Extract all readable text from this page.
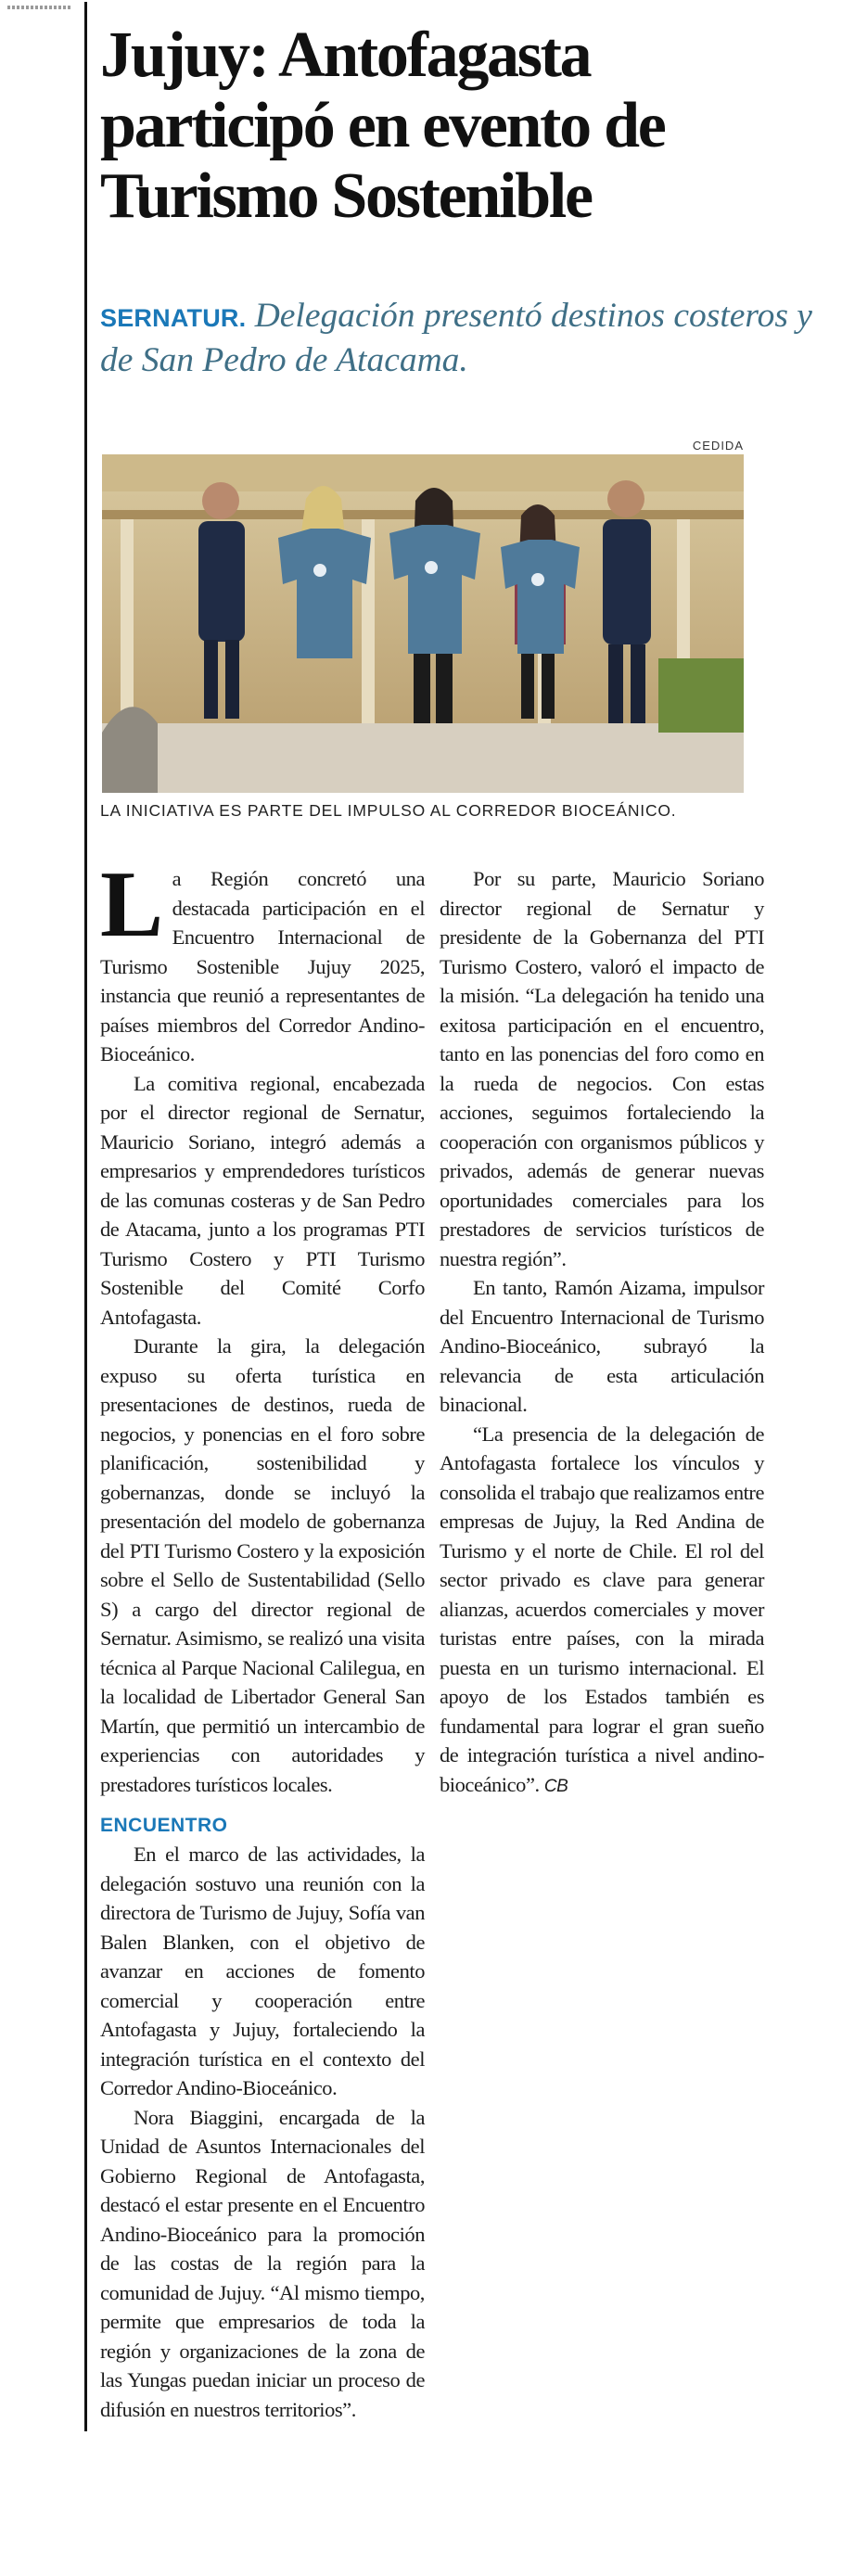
Jujuy: Antofagasta participó en evento de Turismo Sostenible
SERNATUR. Delegación presentó destinos costeros y de San Pedro de Atacama.
CEDIDA
LA INICIATIVA ES PARTE DEL IMPULSO AL CORREDOR BIOCEÁNICO.

La Región concretó una destacada participación en el Encuentro Internacional de Turismo Sostenible Jujuy 2025, instancia que reunió a representantes de países miembros del Corredor Andino-Bioceánico.

La comitiva regional, encabezada por el director regional de Sernatur, Mauricio Soriano, integró además a empresarios y emprendedores turísticos de las comunas costeras y de San Pedro de Atacama, junto a los programas PTI Turismo Costero y PTI Turismo Sostenible del Comité Corfo Antofagasta.

Durante la gira, la delegación expuso su oferta turística en presentaciones de destinos, rueda de negocios, y ponencias en el foro sobre planificación, sostenibilidad y gobernanzas, donde se incluyó la presentación del modelo de gobernanza del PTI Turismo Costero y la exposición sobre el Sello de Sustentabilidad (Sello S) a cargo del director regional de Sernatur. Asimismo, se realizó una visita técnica al Parque Nacional Calilegua, en la localidad de Libertador General San Martín, que permitió un intercambio de experiencias con autoridades y prestadores turísticos locales.

ENCUENTRO

En el marco de las actividades, la delegación sostuvo una reunión con la directora de Turismo de Jujuy, Sofía van Balen Blanken, con el objetivo de avanzar en acciones de fomento comercial y cooperación entre Antofagasta y Jujuy, fortaleciendo la integración turística en el contexto del Corredor Andino-Bioceánico.

Nora Biaggini, encargada de la Unidad de Asuntos Internacionales del Gobierno Regional de Antofagasta, destacó el estar presente en el Encuentro Andino-Bioceánico para la promoción de las costas de la región para la comunidad de Jujuy. “Al mismo tiempo, permite que empresarios de toda la región y organizaciones de la zona de las Yungas puedan iniciar un proceso de difusión en nuestros territorios”.

Por su parte, Mauricio Soriano director regional de Sernatur y presidente de la Gobernanza del PTI Turismo Costero, valoró el impacto de la misión. “La delegación ha tenido una exitosa participación en el encuentro, tanto en las ponencias del foro como en la rueda de negocios. Con estas acciones, seguimos fortaleciendo la cooperación con organismos públicos y privados, además de generar nuevas oportunidades comerciales para los prestadores de servicios turísticos de nuestra región”.

En tanto, Ramón Aizama, impulsor del Encuentro Internacional de Turismo Andino-Bioceánico, subrayó la relevancia de esta articulación binacional.

“La presencia de la delegación de Antofagasta fortalece los vínculos y consolida el trabajo que realizamos entre empresas de Jujuy, la Red Andina de Turismo y el norte de Chile. El rol del sector privado es clave para generar alianzas, acuerdos comerciales y mover turistas entre países, con la mirada puesta en un turismo internacional. El apoyo de los Estados también es fundamental para lograr el gran sueño de integración turística a nivel andino-bioceánico”. CB
